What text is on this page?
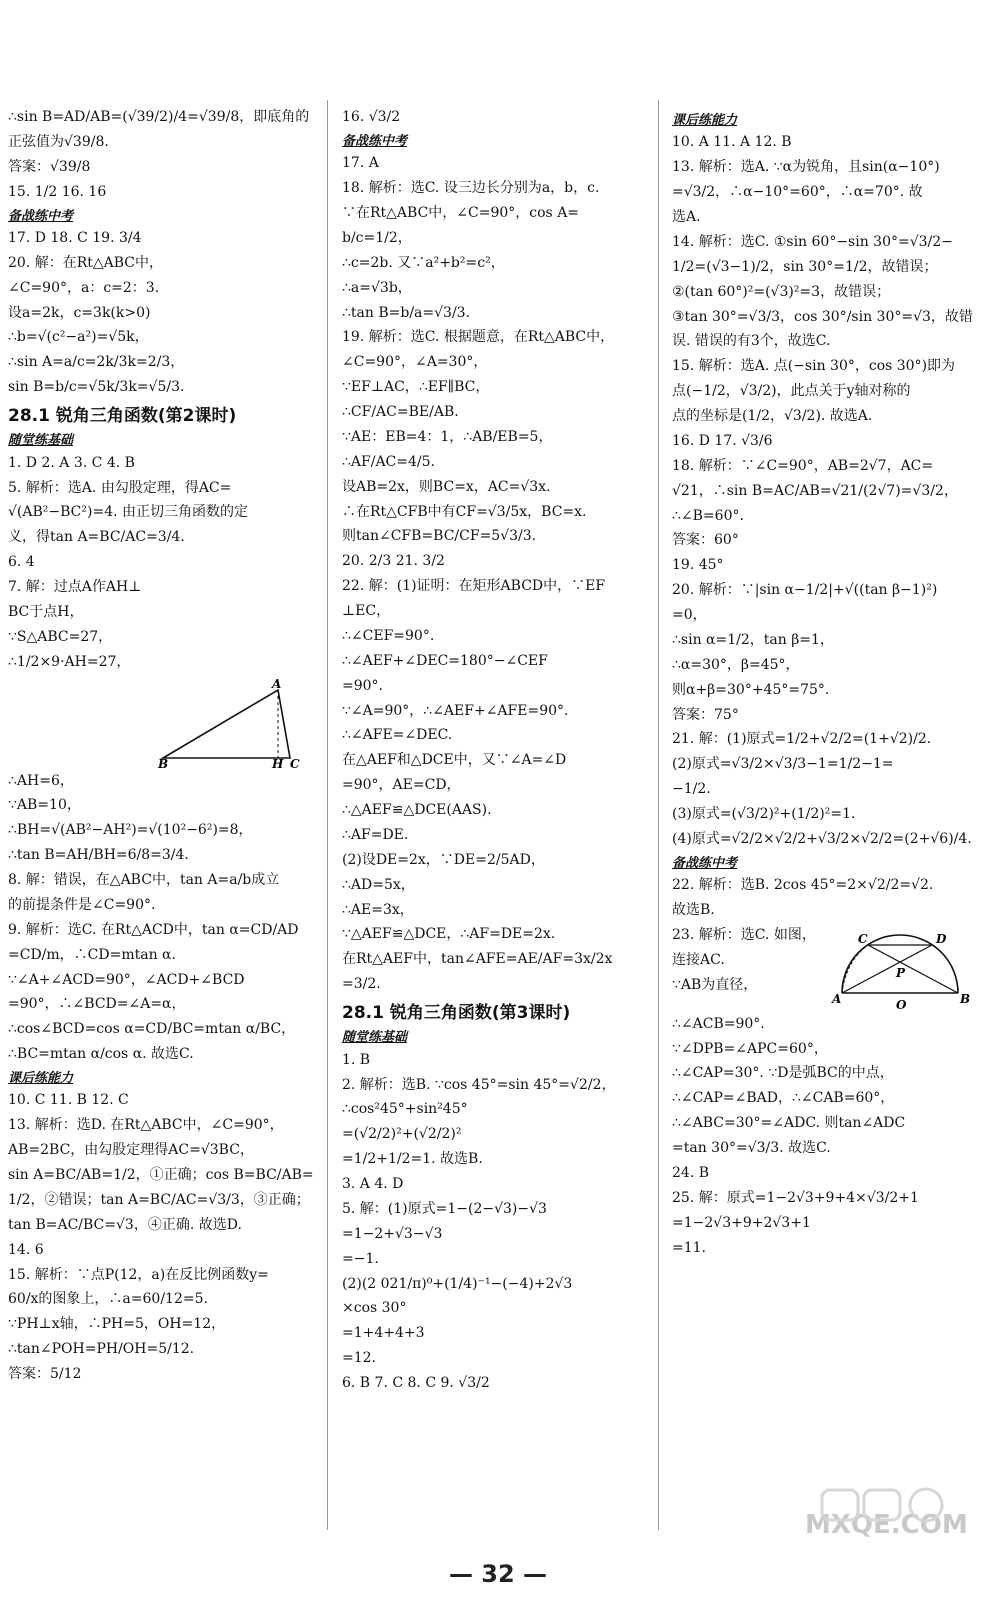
∴sin B=AD/AB=(√39/2)/4=√39/8，即底角的
正弦值为√39/8.
答案：√39/8
15. 1/2 16. 16
备战练中考
17. D 18. C 19. 3/4
20. 解：在Rt△ABC中，
∠C=90°，a：c=2：3.
设a=2k，c=3k(k>0)
∴b=√(c²−a²)=√5k，
∴sin A=a/c=2k/3k=2/3，
sin B=b/c=√5k/3k=√5/3.
28.1 锐角三角函数(第2课时)
随堂练基础
1. D 2. A 3. C 4. B
5. 解析：选A. 由勾股定理，得AC=
√(AB²−BC²)=4. 由正切三角函数的定
义，得tan A=BC/AC=3/4.
6. 4
7. 解：过点A作AH⊥
BC于点H，
∵S△ABC=27，
∴1/2×9·AH=27，
A
B	H C
∴AH=6，
∵AB=10，
∴BH=√(AB²−AH²)=√(10²−6²)=8，
∴tan B=AH/BH=6/8=3/4.
8. 解：错误，在△ABC中，tan A=a/b成立
的前提条件是∠C=90°.
9. 解析：选C. 在Rt△ACD中，tan α=CD/AD
=CD/m，∴CD=mtan α.
∵∠A+∠ACD=90°，∠ACD+∠BCD
=90°，∴∠BCD=∠A=α，
∴cos∠BCD=cos α=CD/BC=mtan α/BC，
∴BC=mtan α/cos α. 故选C.
课后练能力
10. C 11. B 12. C
13. 解析：选D. 在Rt△ABC中，∠C=90°，
AB=2BC，由勾股定理得AC=√3BC，
sin A=BC/AB=1/2，①正确；cos B=BC/AB=
1/2，②错误；tan A=BC/AC=√3/3，③正确；
tan B=AC/BC=√3，④正确. 故选D.
14. 6
15. 解析：∵点P(12，a)在反比例函数y=
60/x的图象上，∴a=60/12=5.
∵PH⊥x轴，∴PH=5，OH=12，
∴tan∠POH=PH/OH=5/12.
答案：5/12
16. √3/2
备战练中考
17. A
18. 解析：选C. 设三边长分别为a，b，c.
∵在Rt△ABC中，∠C=90°，cos A=
b/c=1/2，
∴c=2b. 又∵a²+b²=c²，
∴a=√3b，
∴tan B=b/a=√3/3.
19. 解析：选C. 根据题意，在Rt△ABC中，
∠C=90°，∠A=30°，
∵EF⊥AC，∴EF∥BC，
∴CF/AC=BE/AB.
∵AE：EB=4：1，∴AB/EB=5，
∴AF/AC=4/5.
设AB=2x，则BC=x，AC=√3x.
∴在Rt△CFB中有CF=√3/5x，BC=x.
则tan∠CFB=BC/CF=5√3/3.
20. 2/3 21. 3/2
22. 解：(1)证明：在矩形ABCD中，∵EF
⊥EC，
∴∠CEF=90°.
∴∠AEF+∠DEC=180°−∠CEF
=90°.
∵∠A=90°，∴∠AEF+∠AFE=90°.
∴∠AFE=∠DEC.
在△AEF和△DCE中，又∵∠A=∠D
=90°，AE=CD，
∴△AEF≌△DCE(AAS).
∴AF=DE.
(2)设DE=2x，∵DE=2/5AD，
∴AD=5x，
∴AE=3x，
∵△AEF≌△DCE，∴AF=DE=2x.
在Rt△AEF中，tan∠AFE=AE/AF=3x/2x
=3/2.
28.1 锐角三角函数(第3课时)
随堂练基础
1. B
2. 解析：选B. ∵cos 45°=sin 45°=√2/2，
∴cos²45°+sin²45°
=(√2/2)²+(√2/2)²
=1/2+1/2=1. 故选B.
3. A 4. D
5. 解：(1)原式=1−(2−√3)−√3
=1−2+√3−√3
=−1.
(2)(2 021/π)⁰+(1/4)⁻¹−(−4)+2√3
×cos 30°
=1+4+4+3
=12.
6. B 7. C 8. C 9. √3/2
课后练能力
10. A 11. A 12. B
13. 解析：选A. ∵α为锐角，且sin(α−10°)
=√3/2，∴α−10°=60°，∴α=70°. 故
选A.
14. 解析：选C. ①sin 60°−sin 30°=√3/2−
1/2=(√3−1)/2，sin 30°=1/2，故错误；
②(tan 60°)²=(√3)²=3，故错误；
③tan 30°=√3/3，cos 30°/sin 30°=√3，故错
误. 错误的有3个，故选C.
15. 解析：选A. 点(−sin 30°，cos 30°)即为
点(−1/2，√3/2)，此点关于y轴对称的
点的坐标是(1/2，√3/2). 故选A.
16. D 17. √3/6
18. 解析：∵∠C=90°，AB=2√7，AC=
√21，∴sin B=AC/AB=√21/(2√7)=√3/2，
∴∠B=60°.
答案：60°
19. 45°
20. 解析：∵|sin α−1/2|+√((tan β−1)²)
=0，
∴sin α=1/2，tan β=1，
∴α=30°，β=45°，
则α+β=30°+45°=75°.
答案：75°
21. 解：(1)原式=1/2+√2/2=(1+√2)/2.
(2)原式=√3/2×√3/3−1=1/2−1=
−1/2.
(3)原式=(√3/2)²+(1/2)²=1.
(4)原式=√2/2×√2/2+√3/2×√2/2=(2+√6)/4.
备战练中考
22. 解析：选B. 2cos 45°=2×√2/2=√2.
故选B.
23. 解析：选C. 如图，
连接AC.
∵AB为直径，
C	D
P
A	O	B
∴∠ACB=90°.
∵∠DPB=∠APC=60°，
∴∠CAP=30°. ∵D是弧BC的中点，
∴∠CAP=∠BAD，∴∠CAB=60°，
∴∠ABC=30°=∠ADC. 则tan∠ADC
=tan 30°=√3/3. 故选C.
24. B
25. 解：原式=1−2√3+9+4×√3/2+1
=1−2√3+9+2√3+1
=11.
— 32 —
MXQE.COM
